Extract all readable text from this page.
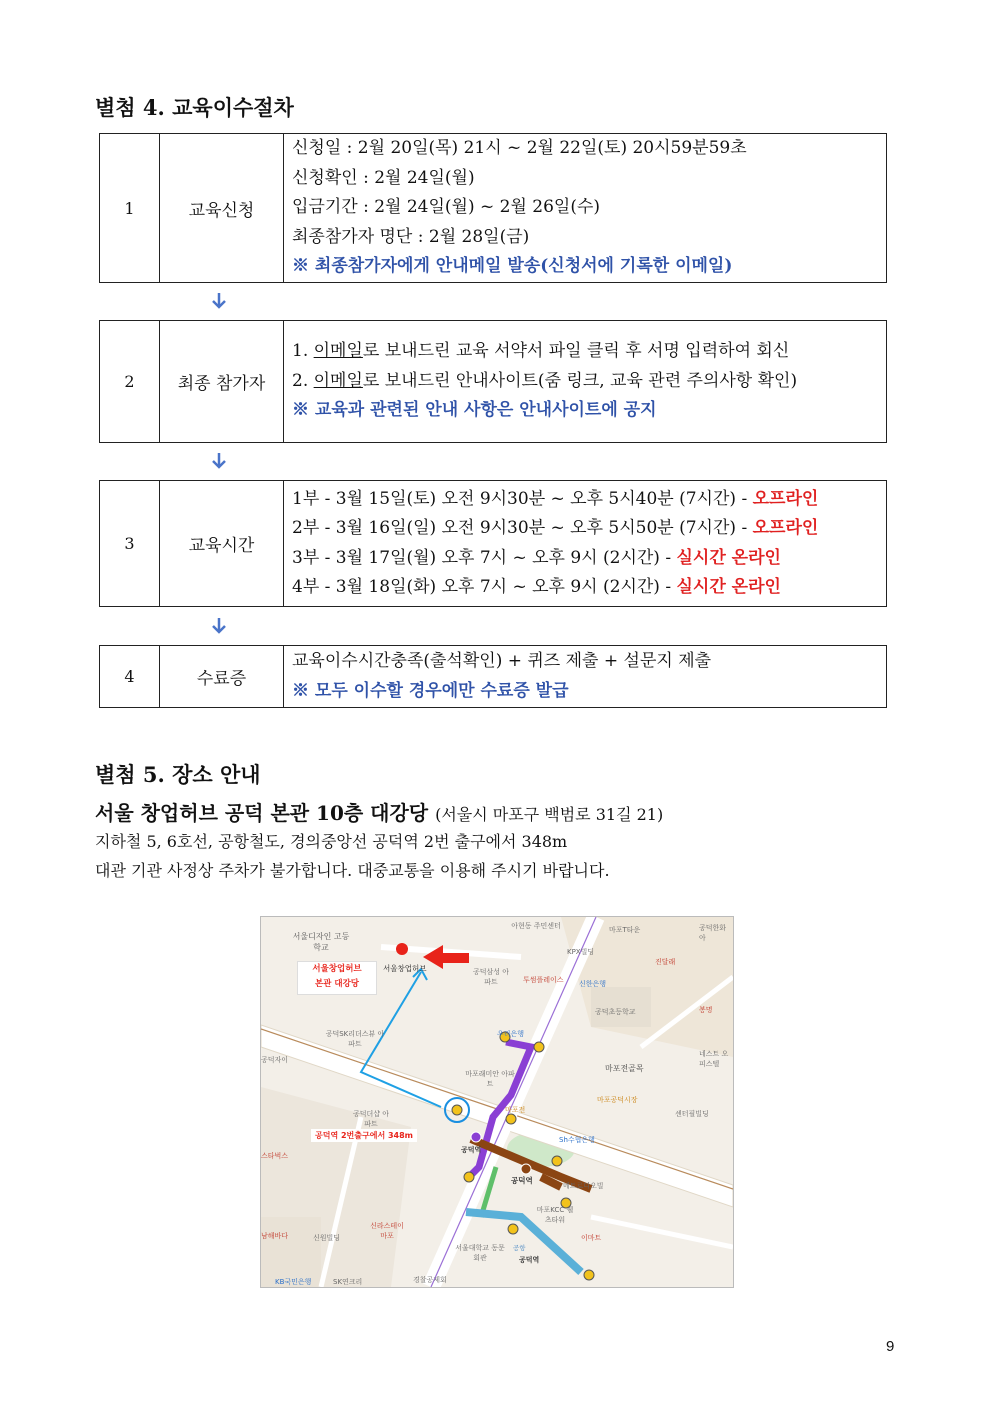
별첨 4. 교육이수절차
1	교육신청	
신청일 : 2월 20일(목) 21시 ~ 2월 22일(토) 20시59분59초
신청확인 : 2월 24일(월)
입금기간 : 2월 24일(월) ~ 2월 26일(수)
최종참가자 명단 : 2월 28일(금)
※ 최종참가자에게 안내메일 발송(신청서에 기록한 이메일)
2	최종 참가자	
1. 이메일로 보내드린 교육 서약서 파일 클릭 후 서명 입력하여 회신
2. 이메일로 보내드린 안내사이트(줌 링크, 교육 관련 주의사항 확인)
※ 교육과 관련된 안내 사항은 안내사이트에 공지
3	교육시간	
1부 - 3월 15일(토) 오전 9시30분 ~ 오후 5시40분 (7시간) - 오프라인
2부 - 3월 16일(일) 오전 9시30분 ~ 오후 5시50분 (7시간) - 오프라인
3부 - 3월 17일(월) 오후 7시 ~ 오후 9시 (2시간) - 실시간 온라인
4부 - 3월 18일(화) 오후 7시 ~ 오후 9시 (2시간) - 실시간 온라인
4	수료증	
교육이수시간충족(출석확인) + 퀴즈 제출 + 설문지 제출
※ 모두 이수할 경우에만 수료증 발급
별첨 5. 장소 안내
서울 창업허브 공덕 본관 10층 대강당 (서울시 마포구 백범로 31길 21)
지하철 5, 6호선, 공항철도, 경의중앙선 공덕역 2번 출구에서 348m
대관 기관 사정상 주차가 불가합니다. 대중교통을 이용해 주시기 바랍니다.
서울디자인 고등학교
서울창업허브
본관 대강당
서울창업허브
아현동 주민센터
KPX빌딩
마포T타운	공덕한화 아
진달래
공덕삼성 아파트	투썸플레이스 신한은행
공덕초등학교	봉명
네스트 오피스텔
우리은행
공덕SK리더스뷰 아파트
공덕자이
마포래미안 아파트
마포전골목
마포공덕시장
마포전	센터필빌딩
공덕더샵 아파트
공덕역 2번출구에서 348m
스타벅스
Sh수협은행
공덕역
공덕역
메트로디오빌
마포KCC 웰츠타워
이마트
남해바다	신원빌딩
신라스테이 마포
서울대학교 동문회관
공항
공덕역
KB국민은행	SK연크리	경찰공제회
9
